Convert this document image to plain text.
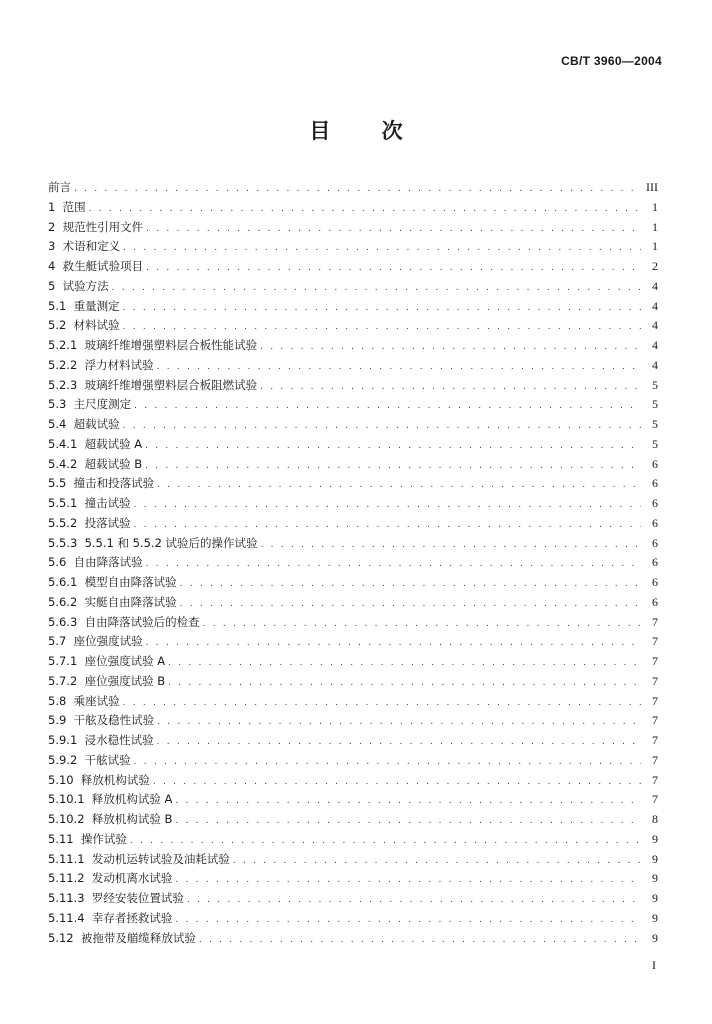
CB/T 3960—2004
目 次
前言 . . .	III
1  范围 . . .	1
2  规范性引用文件 . . .	1
3  术语和定义 . . .	1
4  救生艇试验项目 . . .	2
5  试验方法 . . .	4
5.1  重量测定 . . .	4
5.2  材料试验 . . .	4
5.2.1  玻璃纤维增强塑料层合板性能试验 . . .	4
5.2.2  浮力材料试验 . . .	4
5.2.3  玻璃纤维增强塑料层合板阻燃试验 . . .	5
5.3  主尺度测定 . . .	5
5.4  超载试验 . . .	5
5.4.1  超载试验 A . . .	5
5.4.2  超载试验 B . . .	6
5.5  撞击和投落试验 . . .	6
5.5.1  撞击试验 . . .	6
5.5.2  投落试验 . . .	6
5.5.3  5.5.1 和 5.5.2 试验后的操作试验 . . .	6
5.6  自由降落试验 . . .	6
5.6.1  模型自由降落试验 . . .	6
5.6.2  实艇自由降落试验 . . .	6
5.6.3  自由降落试验后的检查 . . .	7
5.7  座位强度试验 . . .	7
5.7.1  座位强度试验 A . . .	7
5.7.2  座位强度试验 B . . .	7
5.8  乘座试验 . . .	7
5.9  干舷及稳性试验 . . .	7
5.9.1  浸水稳性试验 . . .	7
5.9.2  干舷试验 . . .	7
5.10  释放机构试验 . . .	7
5.10.1  释放机构试验 A . . .	7
5.10.2  释放机构试验 B . . .	8
5.11  操作试验 . . .	9
5.11.1  发动机运转试验及油耗试验 . . .	9
5.11.2  发动机离水试验 . . .	9
5.11.3  罗经安装位置试验 . . .	9
5.11.4  幸存者拯救试验 . . .	9
5.12  被拖带及艏缆释放试验 . . .	9
I
